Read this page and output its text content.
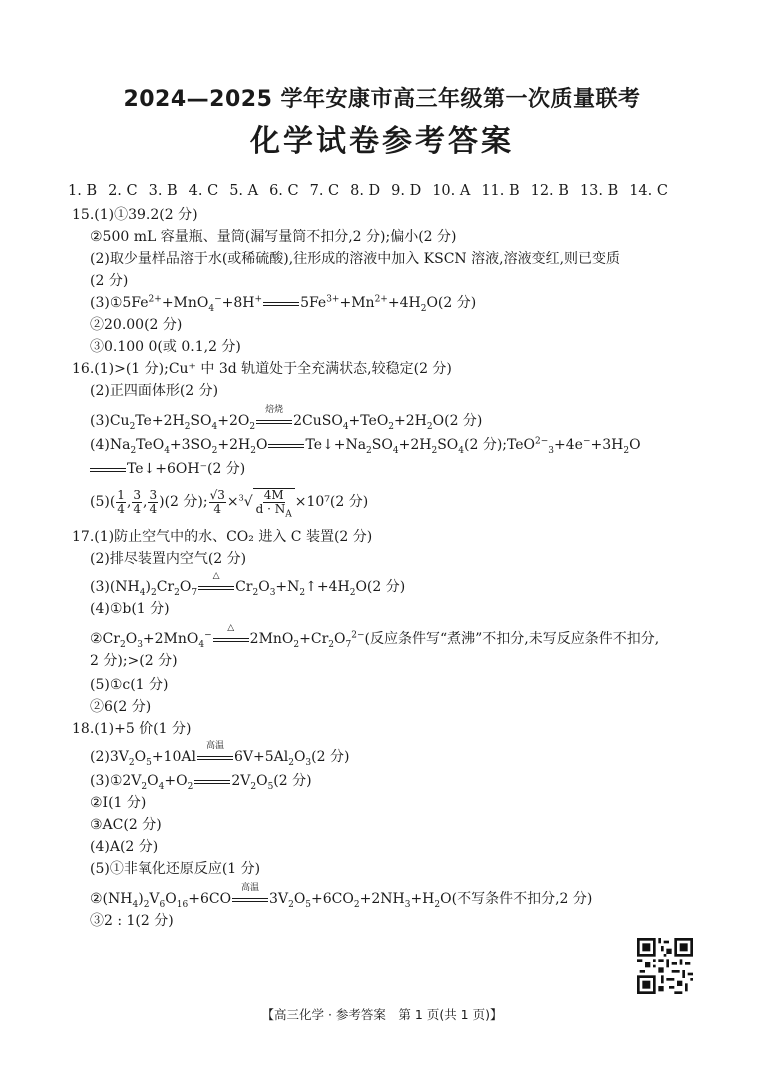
2024—2025 学年安康市高三年级第一次质量联考
化学试卷参考答案
1. B 2. C 3. B 4. C 5. A 6. C 7. C 8. D 9. D 10. A 11. B 12. B 13. B 14. C
15.(1)①39.2(2 分)
②500 mL 容量瓶、量筒(漏写量筒不扣分,2 分);偏小(2 分)
(2)取少量样品溶于水(或稀硫酸),往形成的溶液中加入 KSCN 溶液,溶液变红,则已变质
(2 分)
$(3)①5Fe^{2+}+MnO_4^-+8H^+$	$5Fe^{3+}+Mn^{2+}+4H_2O(2$ 分)
②20.00(2 分)
③0.100 0(或 0.1,2 分)
16.(1)>(1 分);Cu⁺ 中 3d 轨道处于全充满状态,较稳定(2 分)
(2)正四面体形(2 分)
$(3)Cu_2Te+2H_2SO_4+2O_2$
焙烧
$2CuSO_4+TeO_2+2H_2O(2$ 分)
$(4)Na_2TeO_4+3SO_2+2H_2O$	$Te↓+Na_2SO_4+2H_2SO_4(2$ 分)$;TeO^{2-}_3+4e^-+3H_2O$
Te↓+6OH⁻(2 分)
$(5)( \frac{1}{4}$ , $\frac{3}{4}$ , $\frac{3}{4} )(2$ 分); $\frac{√3}{4} \times^3√ \frac{4M}{d \cdot N_A} \times 10^7(2$ 分)
17.(1)防止空气中的水、CO₂ 进入 C 装置(2 分)
(2)排尽装置内空气(2 分)
$(3)(NH_4)_2Cr_2O_7$
△
$Cr_2O_3+N_2↑+4H_2O(2$ 分)
(4)①b(1 分)
$②Cr_2O_3+2MnO_4^-$
△
$2MnO_2+Cr_2O_7^{2-}$(反应条件写“煮沸”不扣分,未写反应条件不扣分,
2 分);>(2 分)
(5)①c(1 分)
②6(2 分)
18.(1)+5 价(1 分)
$(2)3V_2O_5+10Al$
高温
$6V+5Al_2O_3(2$ 分)
$(3)①2V_2O_4+O_2$	$2V_2O_5(2$ 分)
②Ⅰ(1 分)
③AC(2 分)
(4)A(2 分)
(5)①非氧化还原反应(1 分)
$②(NH_4)_2V_6O_{16}+6CO$
高温
$3V_2O_5+6CO_2+2NH_3+H_2O$(不写条件不扣分,2 分)
③2 : 1(2 分)
【高三化学 · 参考答案　第 1 页(共 1 页)】
